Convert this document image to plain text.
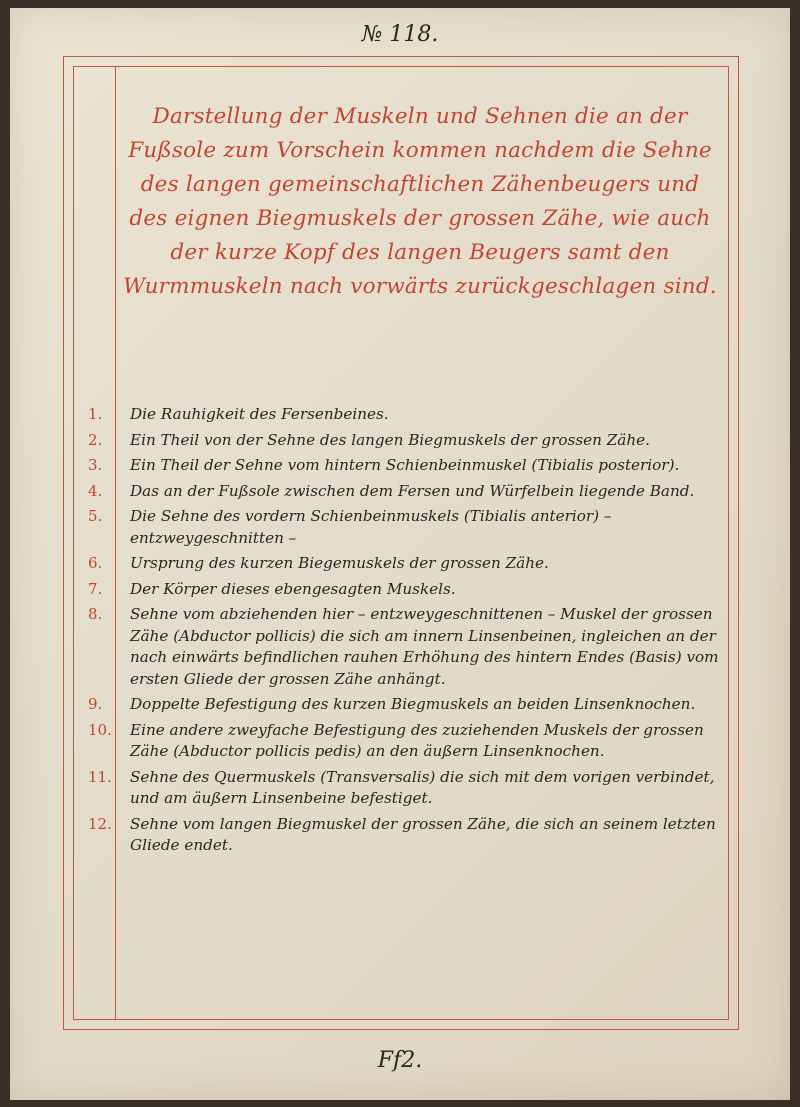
№ 118.
Darstellung der Muskeln und Sehnen die an der Fußsole zum Vorschein kommen nachdem die Sehne des langen gemeinschaftlichen Zähenbeugers und des eignen Biegmuskels der grossen Zähe, wie auch der kurze Kopf des langen Beugers samt den Wurmmuskeln nach vorwärts zurückgeschlagen sind.
1.	Die Rauhigkeit des Fersenbeines.
2.	Ein Theil von der Sehne des langen Biegmuskels der grossen Zähe.
3.	Ein Theil der Sehne vom hintern Schienbeinmuskel (Tibialis posterior).
4.	Das an der Fußsole zwischen dem Fersen und Würfelbein liegende Band.
5.	Die Sehne des vordern Schienbeinmuskels (Tibialis anterior) – entzweygeschnitten –
6.	Ursprung des kurzen Biegemuskels der grossen Zähe.
7.	Der Körper dieses ebengesagten Muskels.
8.	Sehne vom abziehenden hier – entzweygeschnittenen – Muskel der grossen Zähe (Abductor pollicis) die sich am innern Linsenbeinen, ingleichen an der nach einwärts befindlichen rauhen Erhöhung des hintern Endes (Basis) vom ersten Gliede der grossen Zähe anhängt.
9.	Doppelte Befestigung des kurzen Biegmuskels an beiden Linsenknochen.
10.	Eine andere zweyfache Befestigung des zuziehenden Muskels der grossen Zähe (Abductor pollicis pedis) an den äußern Linsenknochen.
11.	Sehne des Quermuskels (Transversalis) die sich mit dem vorigen verbindet, und am äußern Linsenbeine befestiget.
12.	Sehne vom langen Biegmuskel der grossen Zähe, die sich an seinem letzten Gliede endet.
Ff2.
